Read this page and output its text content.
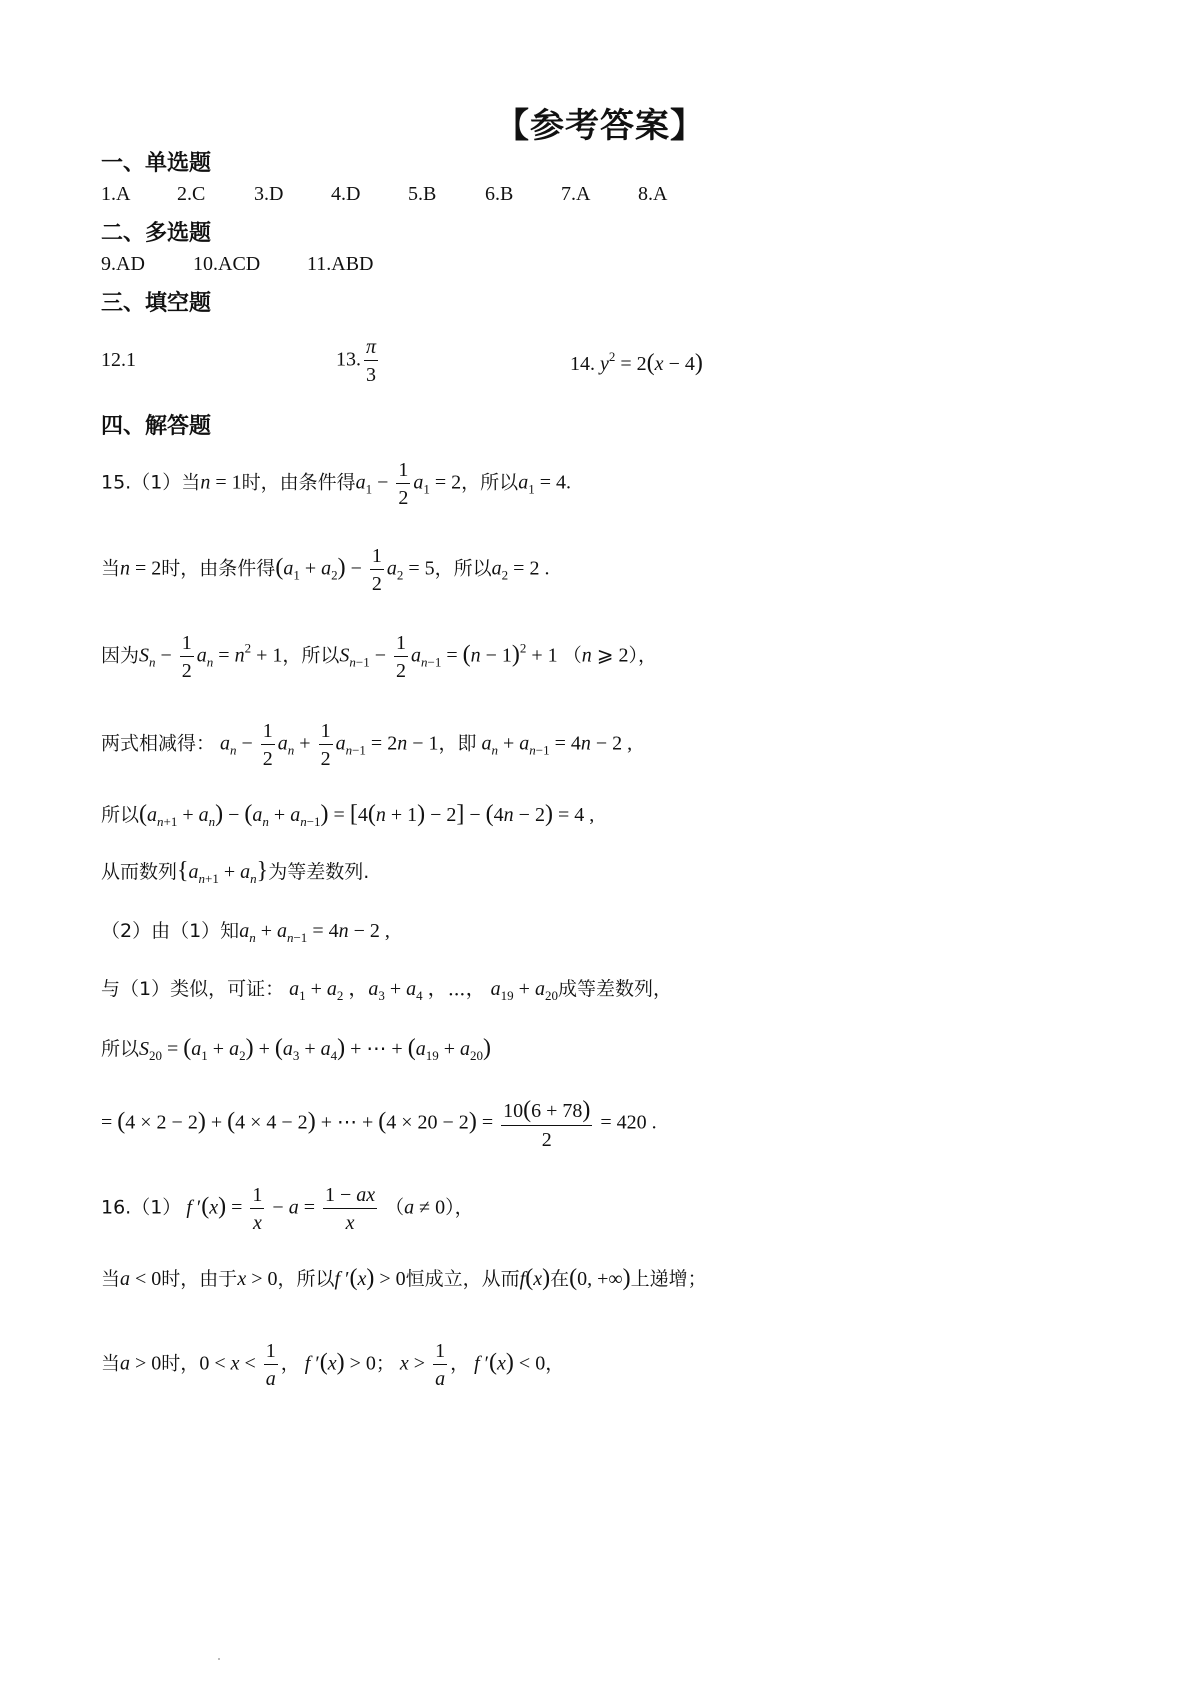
【参考答案】
一、单选题
1.A 2.C 3.D 4.D 5.B 6.B 7.A 8.A
二、多选题
9.AD 10.ACD 11.ABD
三、填空题
12.1	13. $\frac{\pi}{3}$	14. $y^2 = 2(x - 4)$
四、解答题
15.（1）当n = 1时，由条件得$a_1 - \frac{1}{2} a_1 = 2$，所以$a_1 = 4$.
当n = 2时，由条件得$(a_1 + a_2) - \frac{1}{2} a_2 = 5$，所以$a_2 = 2$ .
因为$S_n - \frac{1}{2} a_n = n^2 + 1$，所以$S_{n-1} - \frac{1}{2} a_{n-1} = (n - 1)^2 + 1$ （n ⩾ 2），
两式相减得： $a_n - \frac{1}{2} a_n + \frac{1}{2} a_{n-1} = 2n - 1$，即 $a_n + a_{n-1} = 4n - 2$ ,
所以$(a_{n+1} + a_n) - (a_n + a_{n-1}) = [4(n + 1) - 2] - (4n - 2) = 4$ ,
从而数列$\{a_{n+1} + a_n\}$为等差数列.
（2）由（1）知$a_n + a_{n-1} = 4n - 2$ ,
与（1）类似，可证： $a_1 + a_2$ ，$a_3 + a_4$ ，⋯， $a_{19} + a_{20}$成等差数列，
所以$S_{20} = (a_1 + a_2) + (a_3 + a_4)$ + ⋯ + $(a_{19} + a_{20})$
= (4 × 2 − 2) + (4 × 4 − 2) + ⋯ + $(4 \times 20 - 2) = \frac{10(6 + 78)}{2} = 420$ .
16.（1） f $'(x) = \frac{1}{x} - a = \frac{1 - ax}{x} (a \ne 0)$，
当a < 0时，由于x > 0，所以f ′(x) > 0恒成立，从而f(x)在(0, +∞)上递增；
当a > 0时，$0 < x < \frac{1}{a}$ ， f ′(x) > 0； $x > \frac{1}{a}$ ， f ′(x) < 0，
